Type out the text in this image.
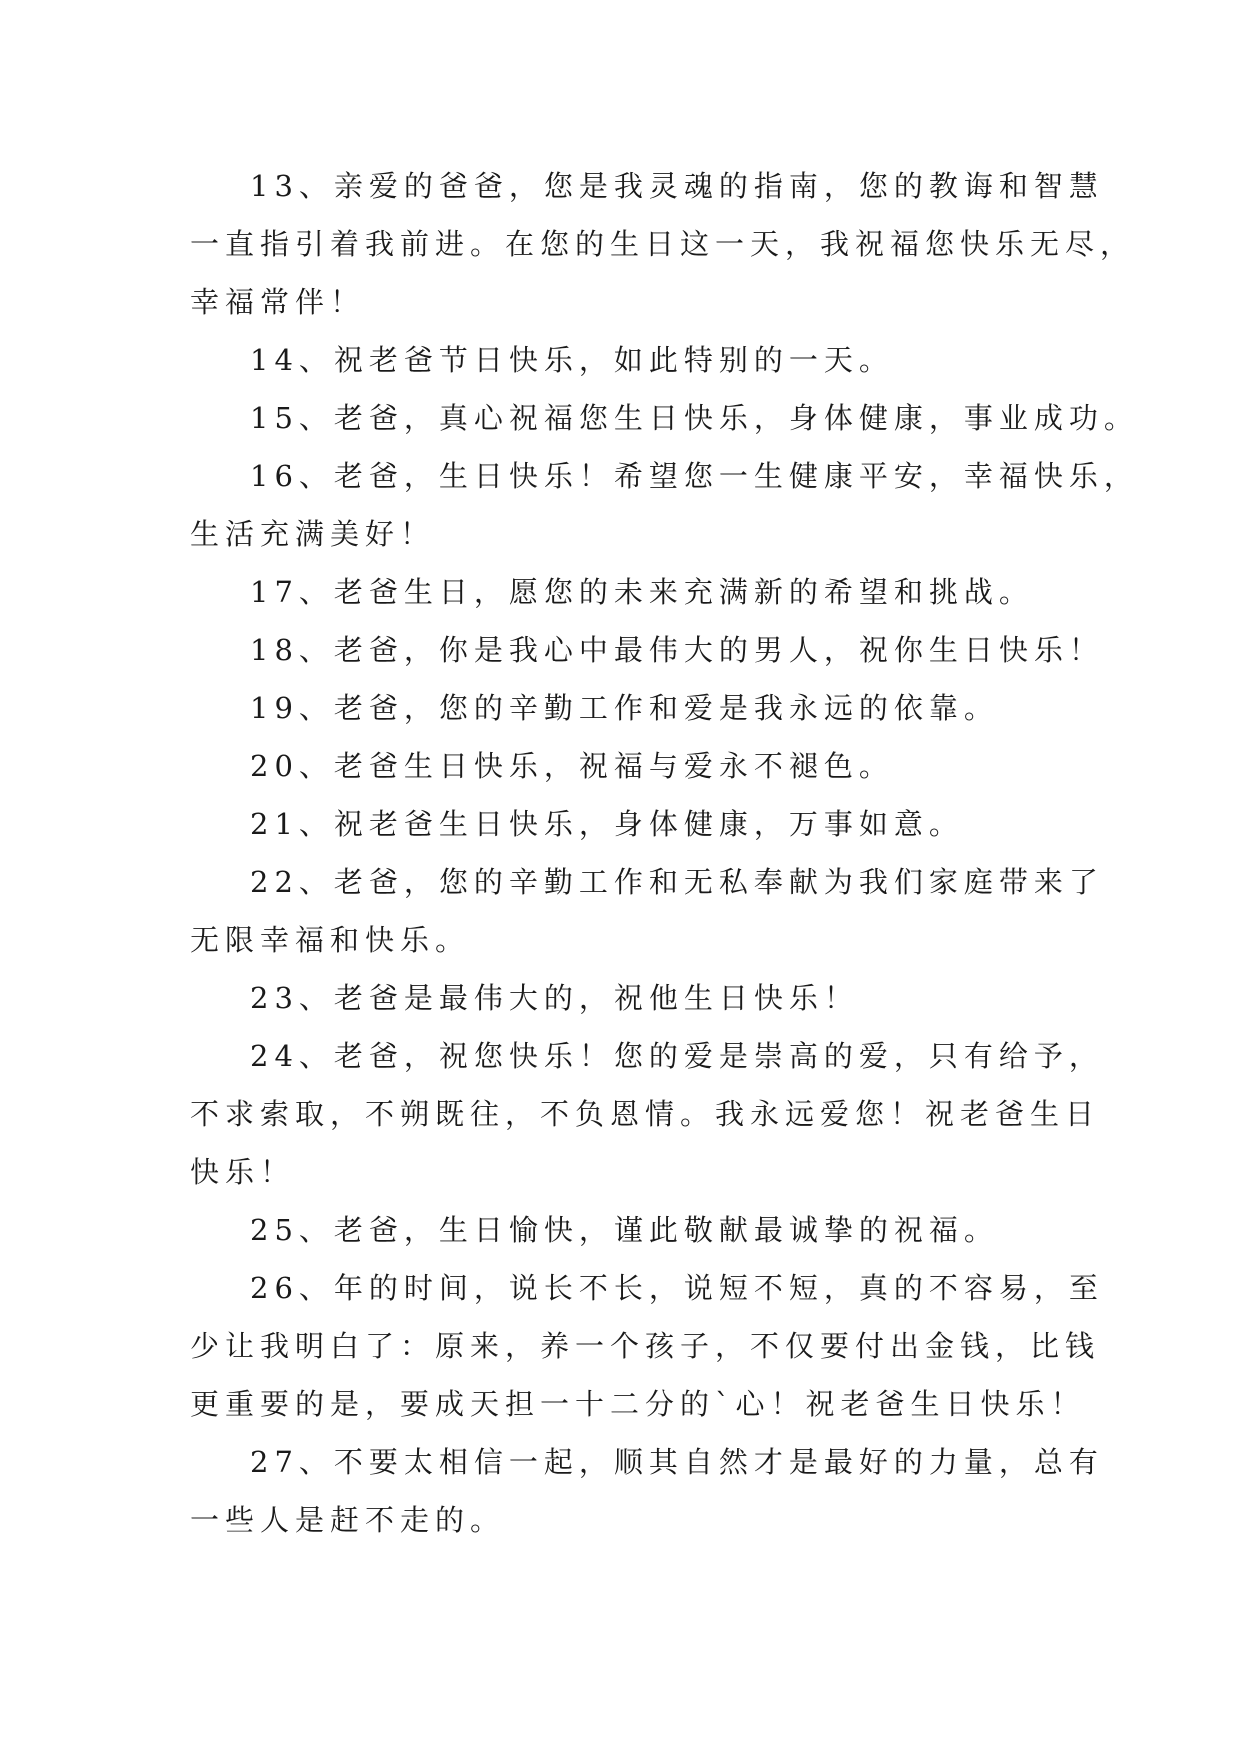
13、亲爱的爸爸，您是我灵魂的指南，您的教诲和智慧
一直指引着我前进。在您的生日这一天，我祝福您快乐无尽，
幸福常伴！

14、祝老爸节日快乐，如此特别的一天。

15、老爸，真心祝福您生日快乐，身体健康，事业成功。

16、老爸，生日快乐！希望您一生健康平安，幸福快乐，
生活充满美好！

17、老爸生日，愿您的未来充满新的希望和挑战。

18、老爸，你是我心中最伟大的男人，祝你生日快乐！

19、老爸，您的辛勤工作和爱是我永远的依靠。

20、老爸生日快乐，祝福与爱永不褪色。

21、祝老爸生日快乐，身体健康，万事如意。

22、老爸，您的辛勤工作和无私奉献为我们家庭带来了
无限幸福和快乐。

23、老爸是最伟大的，祝他生日快乐！

24、老爸，祝您快乐！您的爱是崇高的爱，只有给予，
不求索取，不朔既往，不负恩情。我永远爱您！祝老爸生日
快乐！

25、老爸，生日愉快，谨此敬献最诚挚的祝福。

26、年的时间，说长不长，说短不短，真的不容易，至
少让我明白了：原来，养一个孩子，不仅要付出金钱，比钱
更重要的是，要成天担一十二分的`心！祝老爸生日快乐！

27、不要太相信一起，顺其自然才是最好的力量，总有
一些人是赶不走的。
